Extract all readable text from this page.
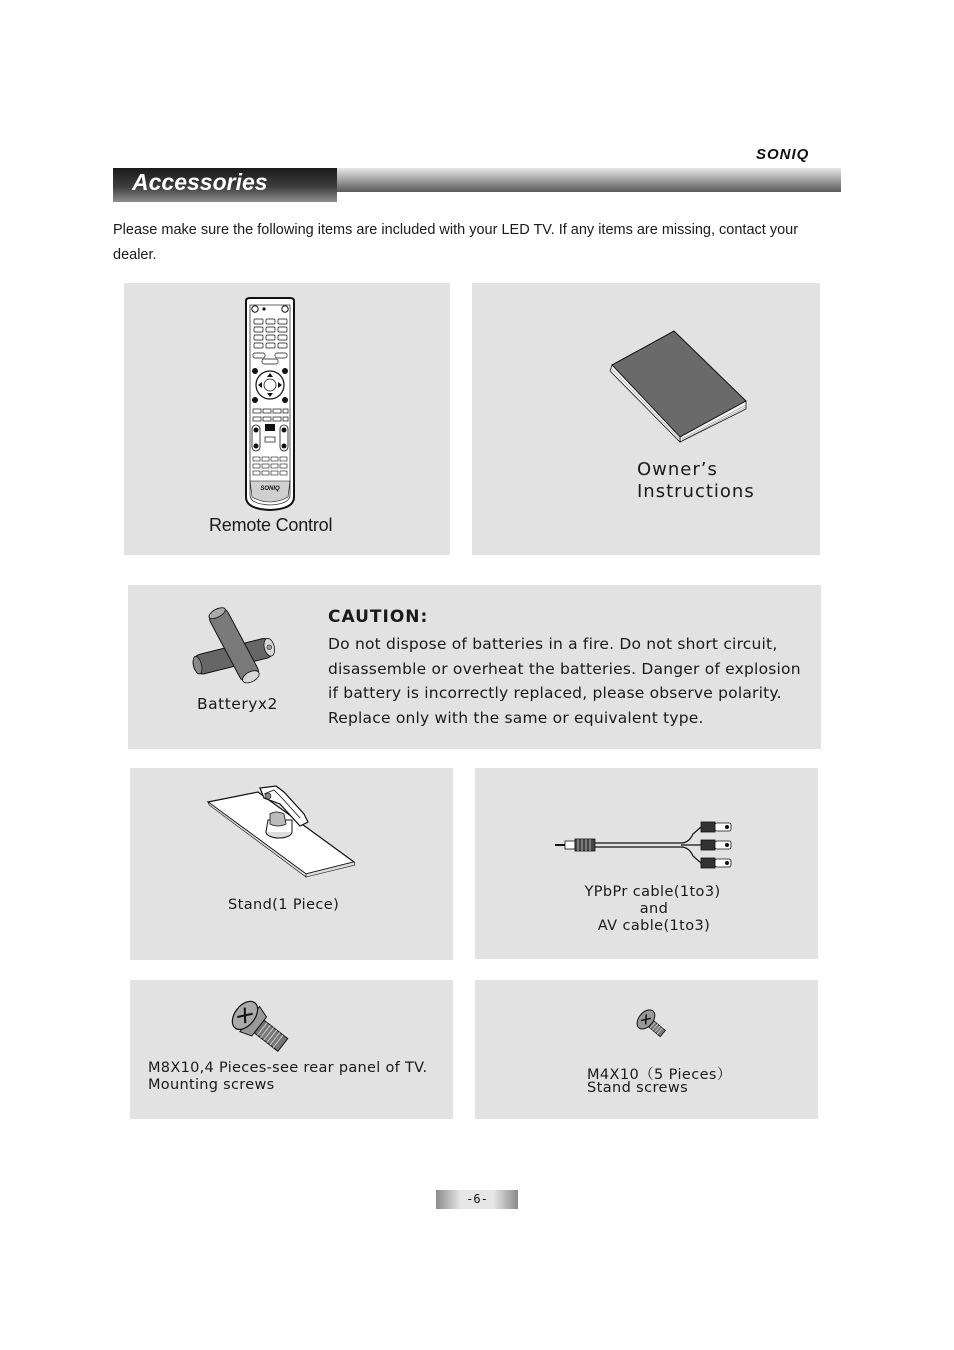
SONIQ
Accessories
Please make sure the following items are included with your LED TV. If any items are missing, contact your dealer.
SONIQ
Remote Control
Owner’s
Instructions
Batteryx2
CAUTION:
Do not dispose of batteries in a fire. Do not short circuit,
disassemble or overheat the batteries. Danger of explosion
if battery is incorrectly replaced, please observe polarity.
Replace only with the same or equivalent type.
Stand(1 Piece)
YPbPr cable(1to3)
and
AV cable(1to3)
M8X10,4 Pieces-see rear panel of TV.
Mounting screws
M4X10（5 Pieces）
Stand screws
-6-
